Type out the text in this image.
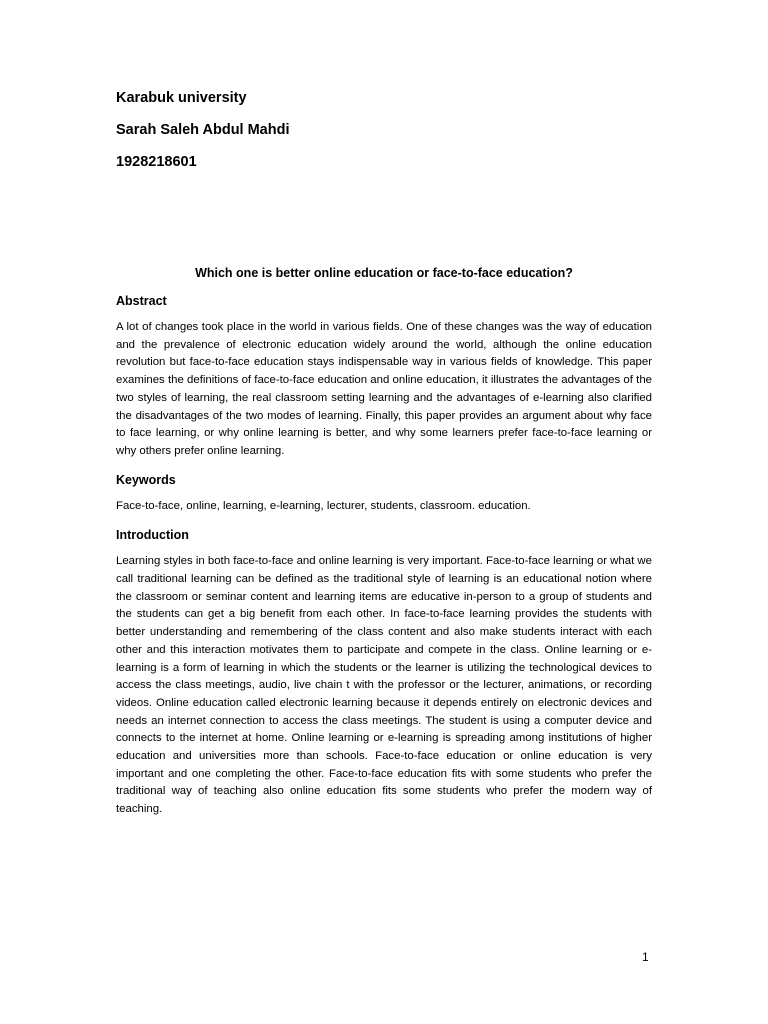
Karabuk university
Sarah Saleh Abdul Mahdi
1928218601
Which one is better online education or face-to-face education?
Abstract
A lot of changes took place in the world in various fields. One of these changes was the way of education and the prevalence of electronic education widely around the world, although the online education revolution but face-to-face education stays indispensable way in various fields of knowledge. This paper examines the definitions of face-to-face education and online education, it illustrates the advantages of the two styles of learning, the real classroom setting learning and the advantages of e-learning also clarified the disadvantages of the two modes of learning. Finally, this paper provides an argument about why face to face learning, or why online learning is better, and why some learners prefer face-to-face learning or why others prefer online learning.
Keywords
Face-to-face, online, learning, e-learning, lecturer, students, classroom. education.
Introduction
Learning styles in both face-to-face and online learning is very important. Face-to-face learning or what we call traditional learning can be defined as the traditional style of learning is an educational notion where the classroom or seminar content and learning items are educative in-person to a group of students and the students can get a big benefit from each other. In face-to-face learning provides the students with better understanding and remembering of the class content and also make students interact with each other and this interaction motivates them to participate and compete in the class. Online learning or e-learning is a form of learning in which the students or the learner is utilizing the technological devices to access the class meetings, audio, live chain t with the professor or the lecturer, animations, or recording videos. Online education called electronic learning because it depends entirely on electronic devices and needs an internet connection to access the class meetings. The student is using a computer device and connects to the internet at home. Online learning or e-learning is spreading among institutions of higher education and universities more than schools. Face-to-face education or online education is very important and one completing the other. Face-to-face education fits with some students who prefer the traditional way of teaching also online education fits some students who prefer the modern way of teaching.
1
